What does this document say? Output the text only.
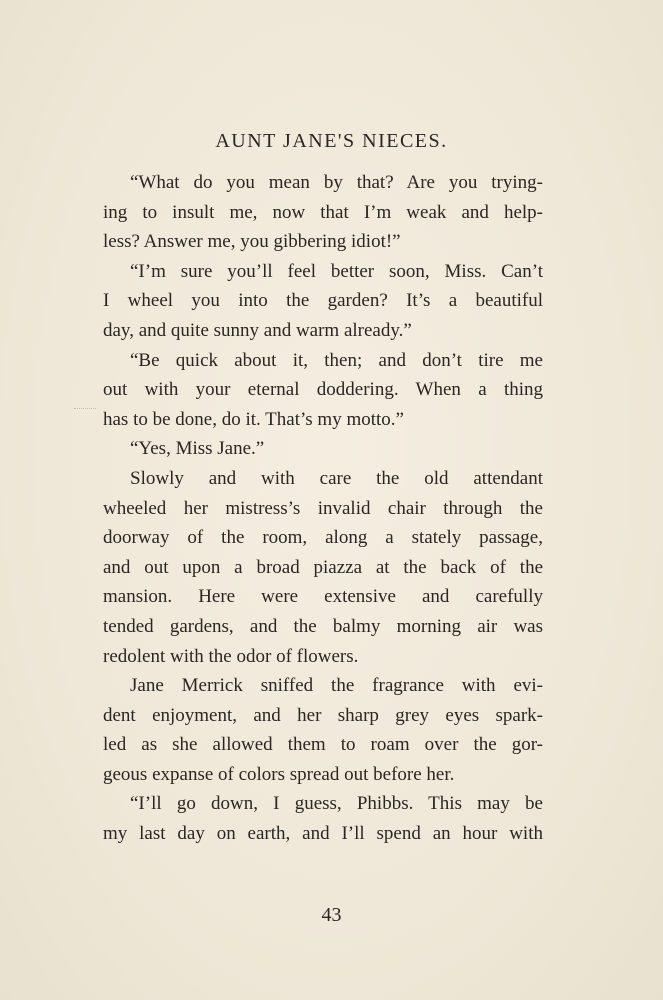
AUNT JANE'S NIECES.
“What do you mean by that? Are you trying-
ing to insult me, now that I’m weak and help-
less? Answer me, you gibbering idiot!”
“I’m sure you’ll feel better soon, Miss. Can’t
I wheel you into the garden? It’s a beautiful
day, and quite sunny and warm already.”
“Be quick about it, then; and don’t tire me
out with your eternal doddering. When a thing
has to be done, do it. That’s my motto.”
“Yes, Miss Jane.”
Slowly and with care the old attendant
wheeled her mistress’s invalid chair through the
doorway of the room, along a stately passage,
and out upon a broad piazza at the back of the
mansion. Here were extensive and carefully
tended gardens, and the balmy morning air was
redolent with the odor of flowers.
Jane Merrick sniffed the fragrance with evi-
dent enjoyment, and her sharp grey eyes spark-
led as she allowed them to roam over the gor-
geous expanse of colors spread out before her.
“I’ll go down, I guess, Phibbs. This may be
my last day on earth, and I’ll spend an hour with
43
